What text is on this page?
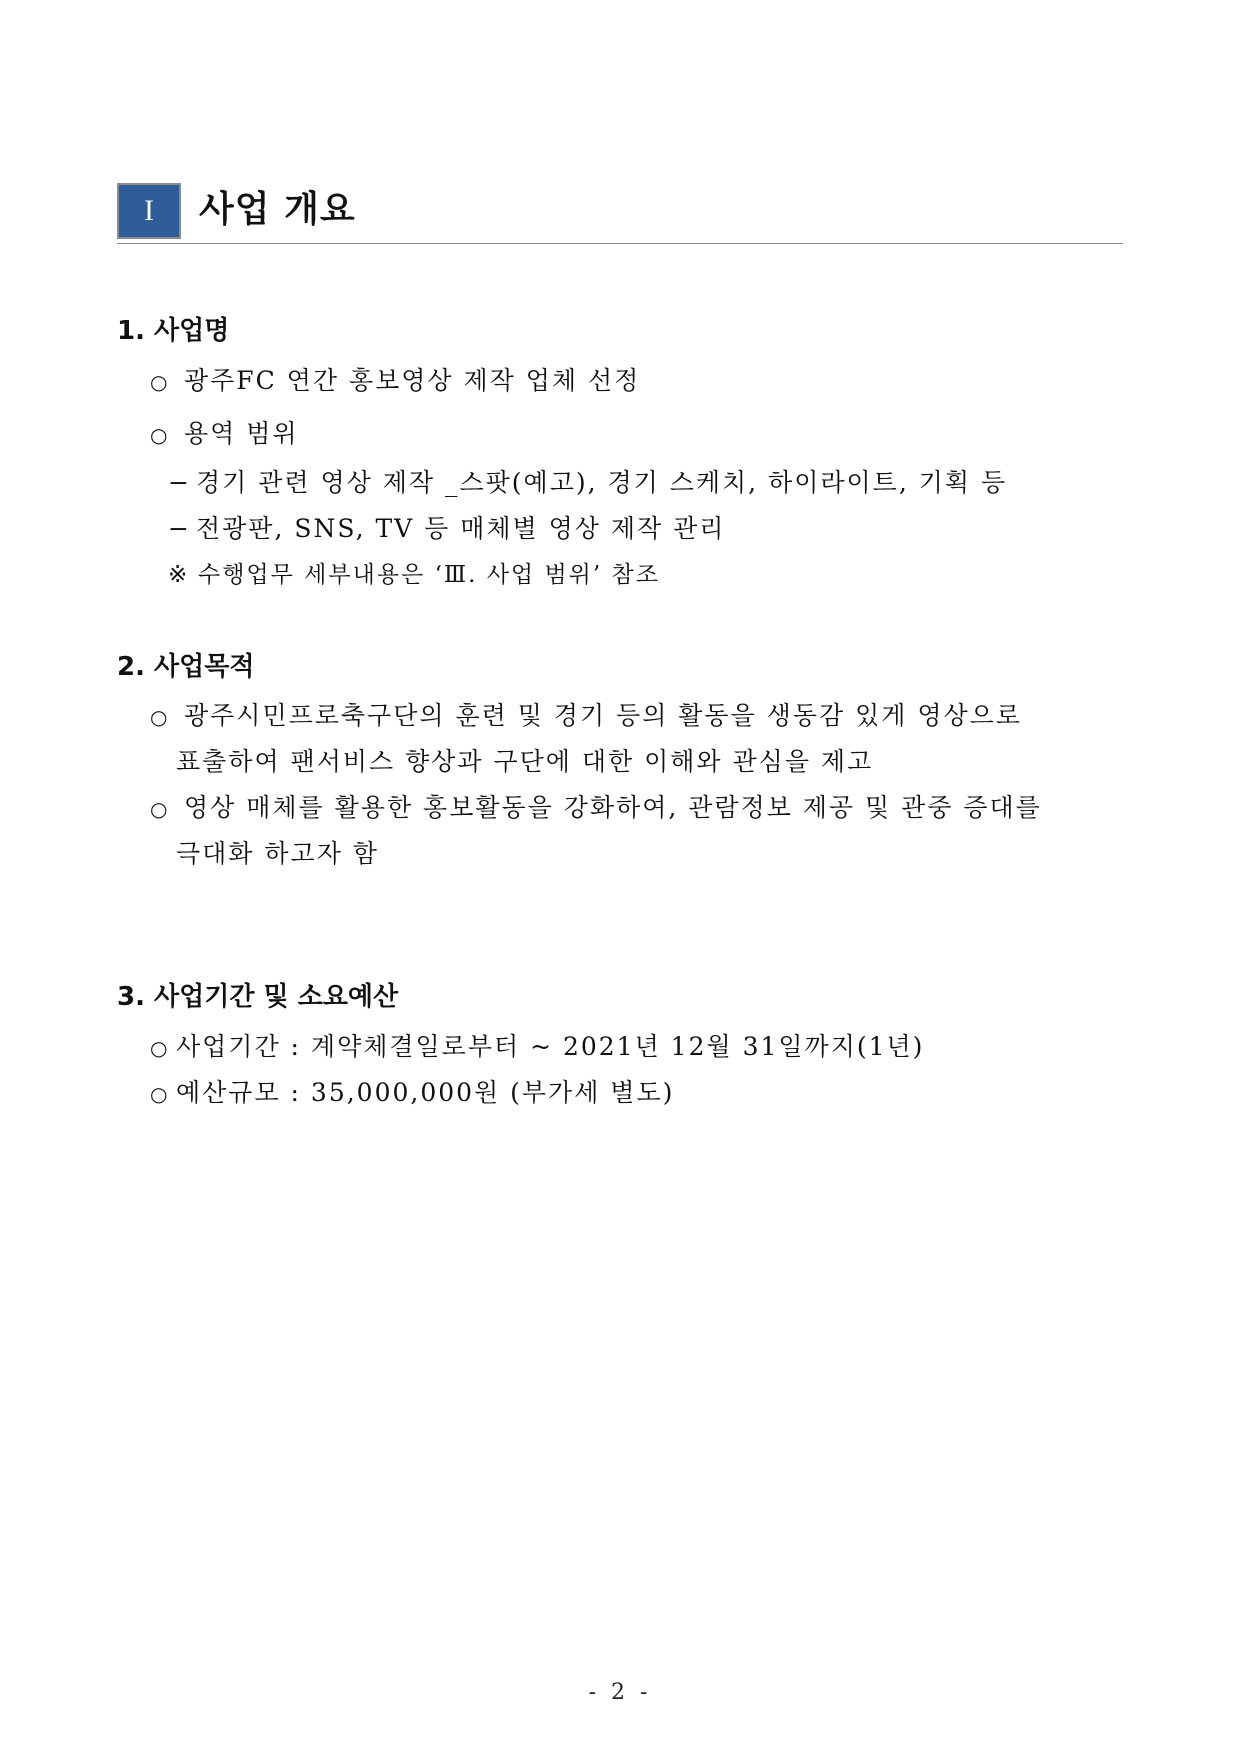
I	사업 개요
1. 사업명
○ 광주FC 연간 홍보영상 제작 업체 선정
○ 용역 범위
− 경기 관련 영상 제작 _스팟(예고), 경기 스케치, 하이라이트, 기획 등
− 전광판, SNS, TV 등 매체별 영상 제작 관리
※ 수행업무 세부내용은 ‘Ⅲ. 사업 범위’ 참조
2. 사업목적
○ 광주시민프로축구단의 훈련 및 경기 등의 활동을 생동감 있게 영상으로
표출하여 팬서비스 향상과 구단에 대한 이해와 관심을 제고
○ 영상 매체를 활용한 홍보활동을 강화하여, 관람정보 제공 및 관중 증대를
극대화 하고자 함
3. 사업기간 및 소요예산
○ 사업기간 : 계약체결일로부터 ~ 2021년 12월 31일까지(1년)
○ 예산규모 : 35,000,000원 (부가세 별도)
- 2 -
